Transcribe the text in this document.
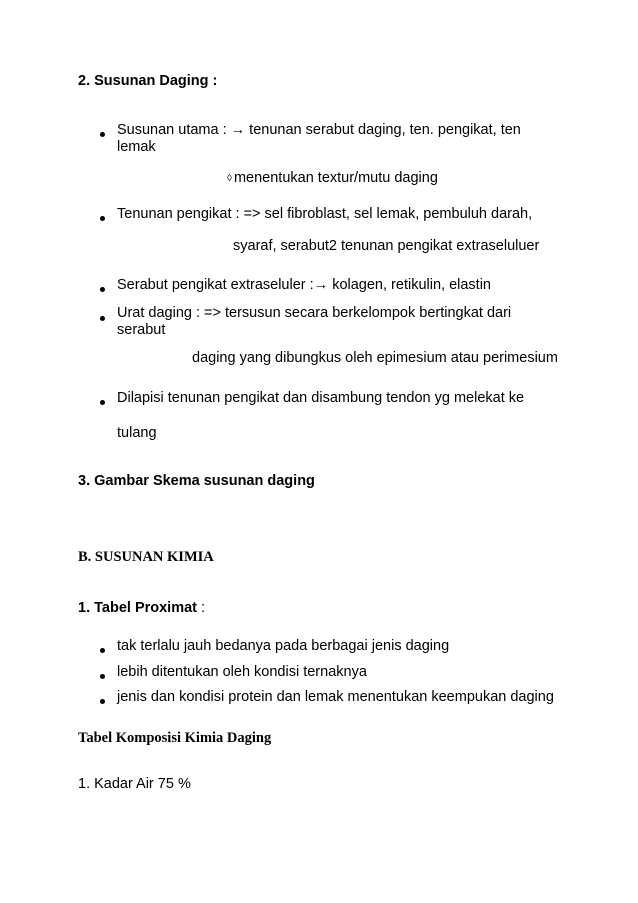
2. Susunan Daging :
Susunan utama : → tenunan serabut daging, ten. pengikat, ten
lemak
◊ menentukan textur/mutu daging
Tenunan pengikat : => sel fibroblast, sel lemak, pembuluh darah,
syaraf, serabut2 tenunan pengikat extraseluluer
Serabut pengikat extraseluler :→ kolagen, retikulin, elastin
Urat daging : => tersusun secara berkelompok bertingkat dari
serabut
daging yang dibungkus oleh epimesium atau perimesium
Dilapisi tenunan pengikat dan disambung tendon yg melekat ke
tulang
3. Gambar Skema susunan daging
B. SUSUNAN KIMIA
1. Tabel Proximat :
tak terlalu jauh bedanya pada berbagai jenis daging
lebih ditentukan oleh kondisi ternaknya
jenis dan kondisi protein dan lemak menentukan keempukan daging
Tabel Komposisi Kimia Daging
1. Kadar Air 75 %
